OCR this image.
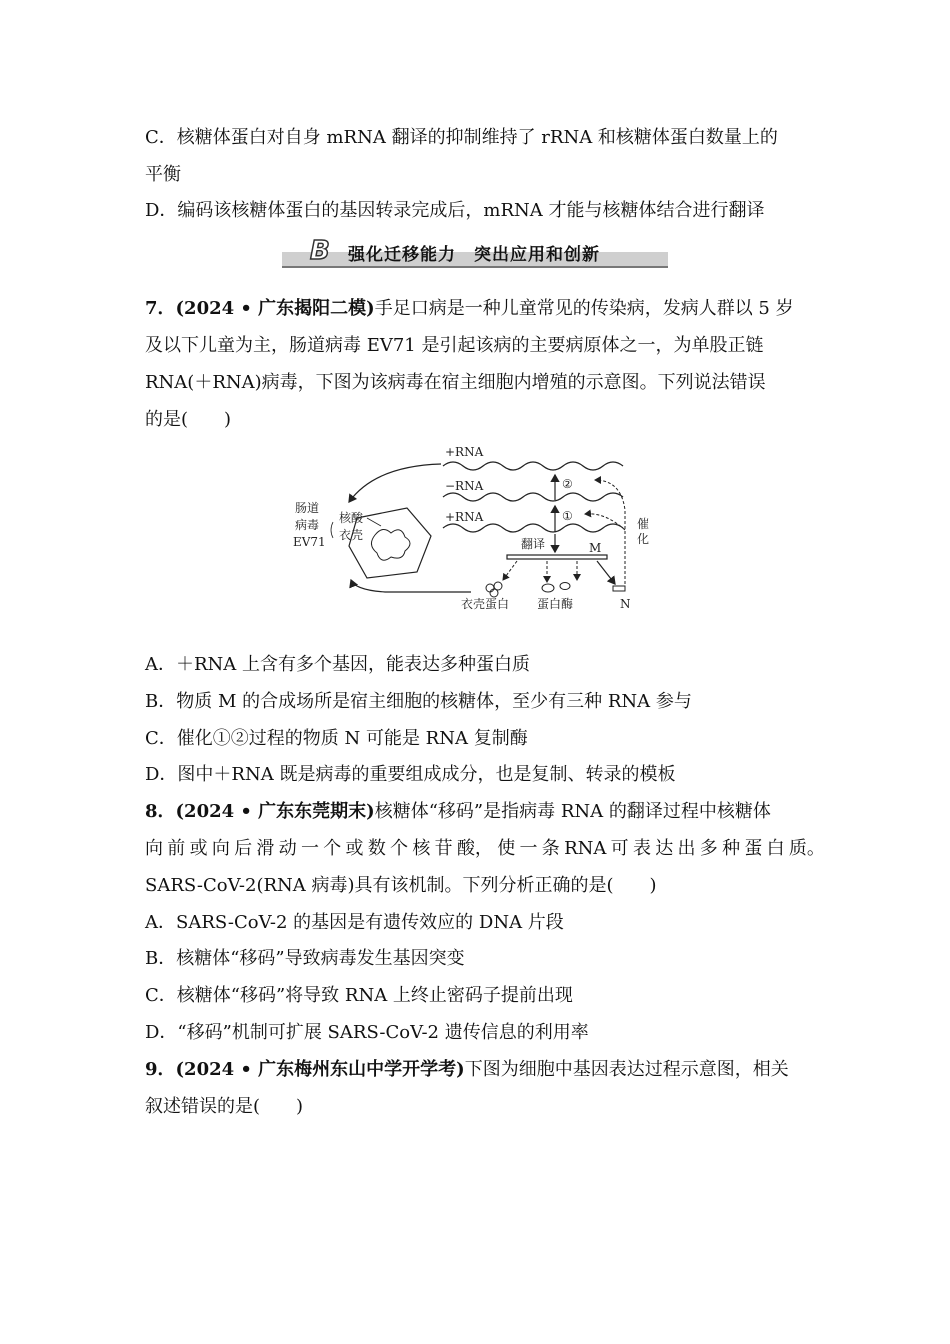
C．核糖体蛋白对自身 mRNA 翻译的抑制维持了 rRNA 和核糖体蛋白数量上的
平衡
D．编码该核糖体蛋白的基因转录完成后，mRNA 才能与核糖体结合进行翻译
B 强化迁移能力　突出应用和创新
7．(2024 • 广东揭阳二模)手足口病是一种儿童常见的传染病，发病人群以 5 岁
及以下儿童为主，肠道病毒 EV71 是引起该病的主要病原体之一，为单股正链
RNA(＋RNA)病毒，下图为该病毒在宿主细胞内增殖的示意图。下列说法错误
的是(　　)
+RNA
−RNA
+RNA
②
①
翻译	M
衣壳蛋白 蛋白酶	N
催
化
核酸
衣壳
肠道
病毒
EV71
A．＋RNA 上含有多个基因，能表达多种蛋白质
B．物质 M 的合成场所是宿主细胞的核糖体，至少有三种 RNA 参与
C．催化①②过程的物质 N 可能是 RNA 复制酶
D．图中＋RNA 既是病毒的重要组成成分，也是复制、转录的模板
8．(2024 • 广东东莞期末)核糖体“移码”是指病毒 RNA 的翻译过程中核糖体
向 前 或 向 后 滑 动 一 个 或 数 个 核 苷 酸， 使 一 条 RNA 可 表 达 出 多 种 蛋 白 质。
SARS-CoV-2(RNA 病毒)具有该机制。下列分析正确的是(　　)
A．SARS-CoV-2 的基因是有遗传效应的 DNA 片段
B．核糖体“移码”导致病毒发生基因突变
C．核糖体“移码”将导致 RNA 上终止密码子提前出现
D．“移码”机制可扩展 SARS-CoV-2 遗传信息的利用率
9．(2024 • 广东梅州东山中学开学考)下图为细胞中基因表达过程示意图，相关
叙述错误的是(　　)
